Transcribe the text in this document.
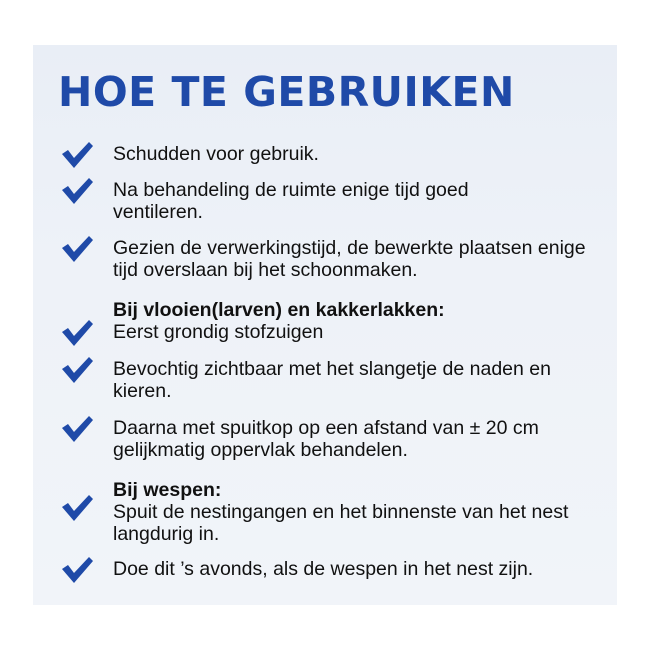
HOE TE GEBRUIKEN
Schudden voor gebruik.
Na behandeling de ruimte enige tijd goed ventileren.
Gezien de verwerkingstijd, de bewerkte plaatsen enige tijd overslaan bij het schoonmaken.
Bij vlooien(larven) en kakkerlakken:
Eerst grondig stofzuigen
Bevochtig zichtbaar met het slangetje de naden en kieren.
Daarna met spuitkop op een afstand van ± 20 cm gelijkmatig oppervlak behandelen.
Bij wespen:
Spuit de nestingangen en het binnenste van het nest langdurig in.
Doe dit ’s avonds, als de wespen in het nest zijn.
